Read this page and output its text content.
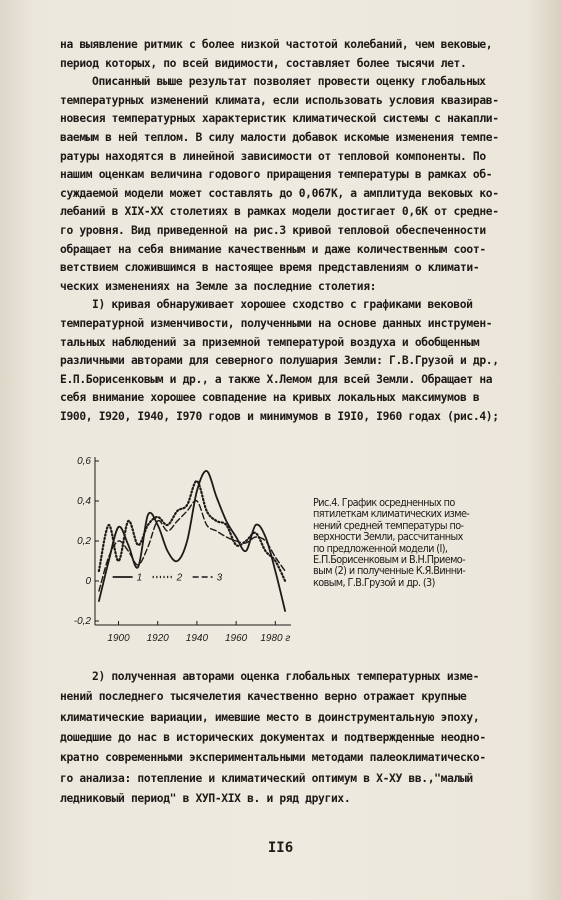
на выявление ритмик с более низкой частотой колебаний, чем вековые,

период которых, по всей видимости, составляет более тысячи лет.

Описанный выше результат позволяет провести оценку глобальных

температурных изменений климата, если использовать условия квазирав-

новесия температурных характеристик климатической системы с накапли-

ваемым в ней теплом. В силу малости добавок искомые изменения темпе-

ратуры находятся в линейной зависимости от тепловой компоненты. По

нашим оценкам величина годового приращения температуры в рамках об-

суждаемой модели может составлять до 0,067К, а амплитуда вековых ко-

лебаний в XIX-XX столетиях в рамках модели достигает 0,6К от средне-

го уровня. Вид приведенной на рис.3 кривой тепловой обеспеченности

обращает на себя внимание качественным и даже количественным соот-

ветствием сложившимся в настоящее время представлениям о климати-

ческих изменениях на Земле за последние столетия:

I) кривая обнаруживает хорошее сходство с графиками вековой

температурной изменчивости, полученными на основе данных инструмен-

тальных наблюдений за приземной температурой воздуха и обобщенным

различными авторами для северного полушария Земли: Г.В.Грузой и др.,

Е.П.Борисенковым и др., а также Х.Лемом для всей Земли. Обращает на

себя внимание хорошее совпадение на кривых локальных максимумов в

I900, I920, I940, I970 годов и минимумов в I9I0, I960 годах (рис.4);

-0,2
0
0,2
0,4
0,6
1900 1920 1940 1960 1980 г
1	2	3

Рис.4. График осредненных по

пятилеткам климатических изме-

нений средней температуры по-

верхности Земли, рассчитанных

по предложенной модели (I),

Е.П.Борисенковым и В.Н.Приемо-

вым (2) и полученные К.Я.Винни-

ковым, Г.В.Грузой и др. (3)

2) полученная авторами оценка глобальных температурных изме-

нений последнего тысячелетия качественно верно отражает крупные

климатические вариации, имевшие место в доинструментальную эпоху,

дошедшие до нас в исторических документах и подтвержденные неодно-

кратно современными экспериментальными методами палеоклиматическо-

го анализа: потепление и климатический оптимум в X-XУ вв.,"малый

ледниковый период" в XУП-XIX в. и ряд других.

II6
